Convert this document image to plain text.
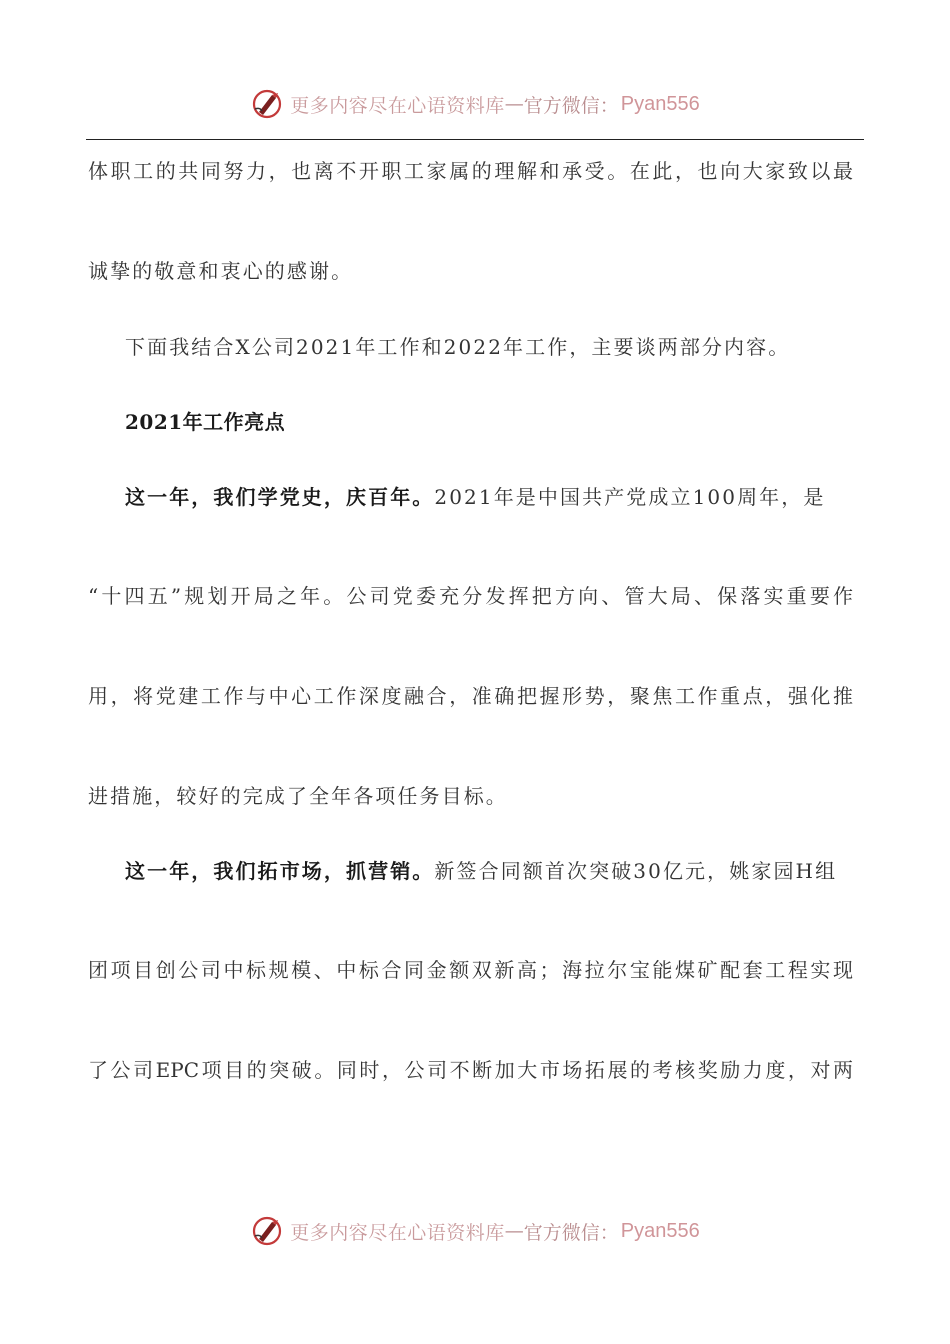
更多内容尽在心语资料库 — 官方微信： Pyan556
体职工的共同努力，也离不开职工家属的理解和承受。在此，也向大家致以最
诚挚的敬意和衷心的感谢。
下面我结合X公司2021年工作和2022年工作，主要谈两部分内容。
2021年工作亮点
这一年，我们学党史，庆百年。2021年是中国共产党成立100周年，是
“十四五”规划开局之年。公司党委充分发挥把方向、管大局、保落实重要作
用，将党建工作与中心工作深度融合，准确把握形势，聚焦工作重点，强化推
进措施，较好的完成了全年各项任务目标。
这一年，我们拓市场，抓营销。新签合同额首次突破30亿元，姚家园H组
团项目创公司中标规模、中标合同金额双新高；海拉尔宝能煤矿配套工程实现
了公司EPC项目的突破。同时，公司不断加大市场拓展的考核奖励力度，对两
更多内容尽在心语资料库 — 官方微信： Pyan556
